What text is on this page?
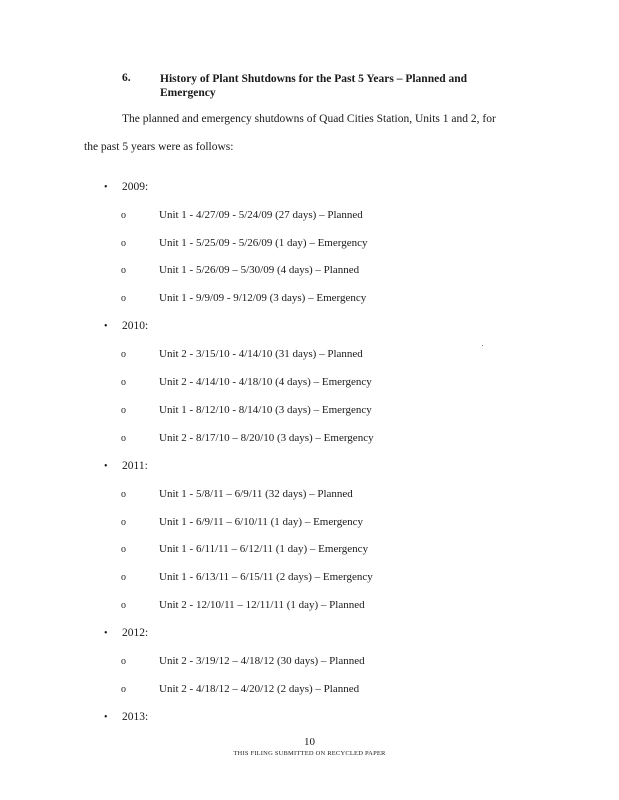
6.	History of Plant Shutdowns for the Past 5 Years – Planned and Emergency
The planned and emergency shutdowns of Quad Cities Station, Units 1 and 2, for
the past 5 years were as follows:
• 2009:
o	Unit 1 - 4/27/09 - 5/24/09 (27 days) – Planned
o	Unit 1 - 5/25/09 - 5/26/09 (1 day) – Emergency
o	Unit 1 - 5/26/09 – 5/30/09 (4 days) – Planned
o	Unit 1 - 9/9/09 - 9/12/09 (3 days) – Emergency
• 2010:
o	Unit 2 - 3/15/10 - 4/14/10 (31 days) – Planned
o	Unit 2 - 4/14/10 - 4/18/10 (4 days) – Emergency
o	Unit 1 - 8/12/10 - 8/14/10 (3 days) – Emergency
o	Unit 2 - 8/17/10 – 8/20/10 (3 days) – Emergency
• 2011:
o	Unit 1 - 5/8/11 – 6/9/11 (32 days) – Planned
o	Unit 1 - 6/9/11 – 6/10/11 (1 day) – Emergency
o	Unit 1 - 6/11/11 – 6/12/11 (1 day) – Emergency
o	Unit 1 - 6/13/11 – 6/15/11 (2 days) – Emergency
o	Unit 2 - 12/10/11 – 12/11/11 (1 day) – Planned
• 2012:
o	Unit 2 - 3/19/12 – 4/18/12 (30 days) – Planned
o	Unit 2 - 4/18/12 – 4/20/12 (2 days) – Planned
• 2013:
10
THIS FILING SUBMITTED ON RECYCLED PAPER
